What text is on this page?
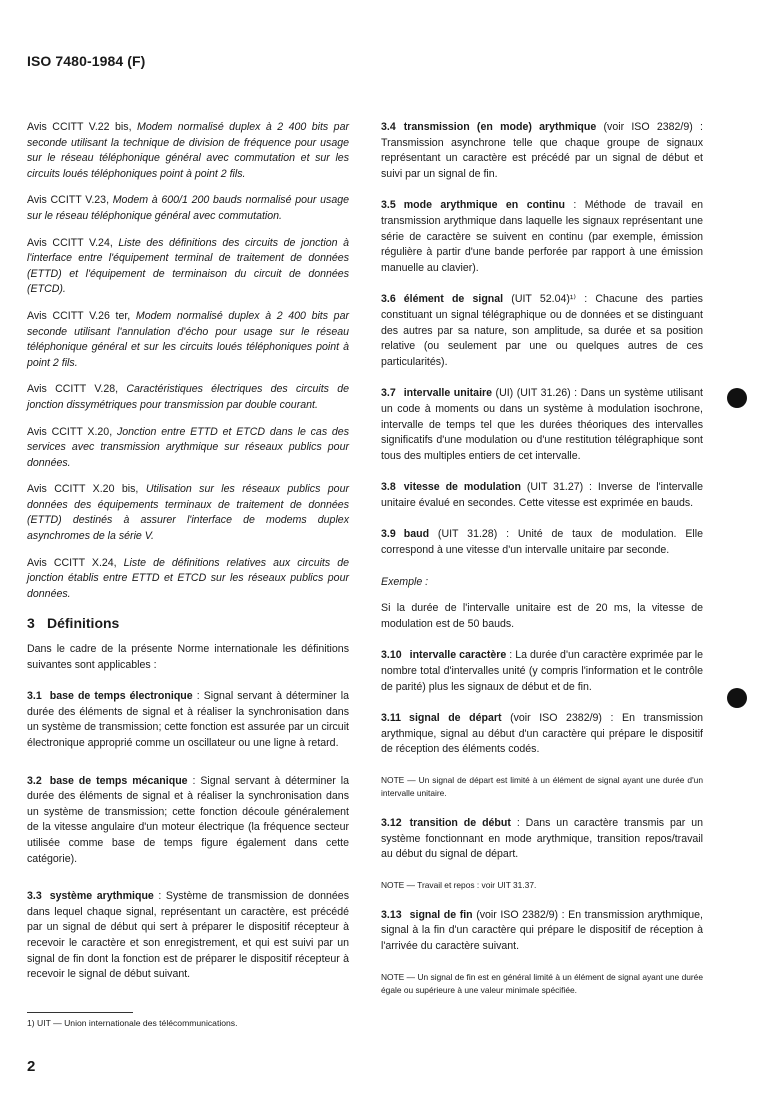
ISO 7480-1984 (F)

Avis CCITT V.22 bis, Modem normalisé duplex à 2 400 bits par seconde utilisant la technique de division de fréquence pour usage sur le réseau téléphonique général avec commutation et sur les circuits loués téléphoniques point à point 2 fils.

Avis CCITT V.23, Modem à 600/1 200 bauds normalisé pour usage sur le réseau téléphonique général avec commutation.

Avis CCITT V.24, Liste des définitions des circuits de jonction à l'interface entre l'équipement terminal de traitement de données (ETTD) et l'équipement de terminaison du circuit de données (ETCD).

Avis CCITT V.26 ter, Modem normalisé duplex à 2 400 bits par seconde utilisant l'annulation d'écho pour usage sur le réseau téléphonique général et sur les circuits loués téléphoniques point à point 2 fils.

Avis CCITT V.28, Caractéristiques électriques des circuits de jonction dissymétriques pour transmission par double courant.

Avis CCITT X.20, Jonction entre ETTD et ETCD dans le cas des services avec transmission arythmique sur réseaux publics pour données.

Avis CCITT X.20 bis, Utilisation sur les réseaux publics pour données des équipements terminaux de traitement de données (ETTD) destinés à assurer l'interface de modems duplex asynchromes de la série V.

Avis CCITT X.24, Liste de définitions relatives aux circuits de jonction établis entre ETTD et ETCD sur les réseaux publics pour données.

3 Définitions

Dans le cadre de la présente Norme internationale les définitions suivantes sont applicables :

3.1 base de temps électronique : Signal servant à déterminer la durée des éléments de signal et à réaliser la synchronisation dans un système de transmission; cette fonction est assurée par un circuit électronique approprié comme un oscillateur ou une ligne à retard.

3.2 base de temps mécanique : Signal servant à déterminer la durée des éléments de signal et à réaliser la synchronisation dans un système de transmission; cette fonction découle généralement de la vitesse angulaire d'un moteur électrique (la fréquence secteur utilisée comme base de temps figure également dans cette catégorie).

3.3 système arythmique : Système de transmission de données dans lequel chaque signal, représentant un caractère, est précédé par un signal de début qui sert à préparer le dispositif récepteur à recevoir le caractère et son enregistrement, et qui est suivi par un signal de fin dont la fonction est de préparer le dispositif récepteur à recevoir le signal de début suivant.

3.4 transmission (en mode) arythmique (voir ISO 2382/9) : Transmission asynchrone telle que chaque groupe de signaux représentant un caractère est précédé par un signal de début et suivi par un signal de fin.

3.5 mode arythmique en continu : Méthode de travail en transmission arythmique dans laquelle les signaux représentant une série de caractère se suivent en continu (par exemple, émission régulière à partir d'une bande perforée par rapport à une émission manuelle au clavier).

3.6 élément de signal (UIT 52.04)¹⁾ : Chacune des parties constituant un signal télégraphique ou de données et se distinguant des autres par sa nature, son amplitude, sa durée et sa position relative (ou seulement par une ou quelques autres de ces particularités).

3.7 intervalle unitaire (UI) (UIT 31.26) : Dans un système utilisant un code à moments ou dans un système à modulation isochrone, intervalle de temps tel que les durées théoriques des intervalles significatifs d'une modulation ou d'une restitution télégraphique sont tous des multiples entiers de cet intervalle.

3.8 vitesse de modulation (UIT 31.27) : Inverse de l'intervalle unitaire évalué en secondes. Cette vitesse est exprimée en bauds.

3.9 baud (UIT 31.28) : Unité de taux de modulation. Elle correspond à une vitesse d'un intervalle unitaire par seconde.

Exemple :

Si la durée de l'intervalle unitaire est de 20 ms, la vitesse de modulation est de 50 bauds.

3.10 intervalle caractère : La durée d'un caractère exprimée par le nombre total d'intervalles unité (y compris l'information et le contrôle de parité) plus les signaux de début et de fin.

3.11 signal de départ (voir ISO 2382/9) : En transmission arythmique, signal au début d'un caractère qui prépare le dispositif de réception des éléments codés.

NOTE — Un signal de départ est limité à un élément de signal ayant une durée d'un intervalle unitaire.

3.12 transition de début : Dans un caractère transmis par un système fonctionnant en mode arythmique, transition repos/travail au début du signal de départ.

NOTE — Travail et repos : voir UIT 31.37.

3.13 signal de fin (voir ISO 2382/9) : En transmission arythmique, signal à la fin d'un caractère qui prépare le dispositif de réception à l'arrivée du caractère suivant.

NOTE — Un signal de fin est en général limité à un élément de signal ayant une durée égale ou supérieure à une valeur minimale spécifiée.

1) UIT — Union internationale des télécommunications.
2
